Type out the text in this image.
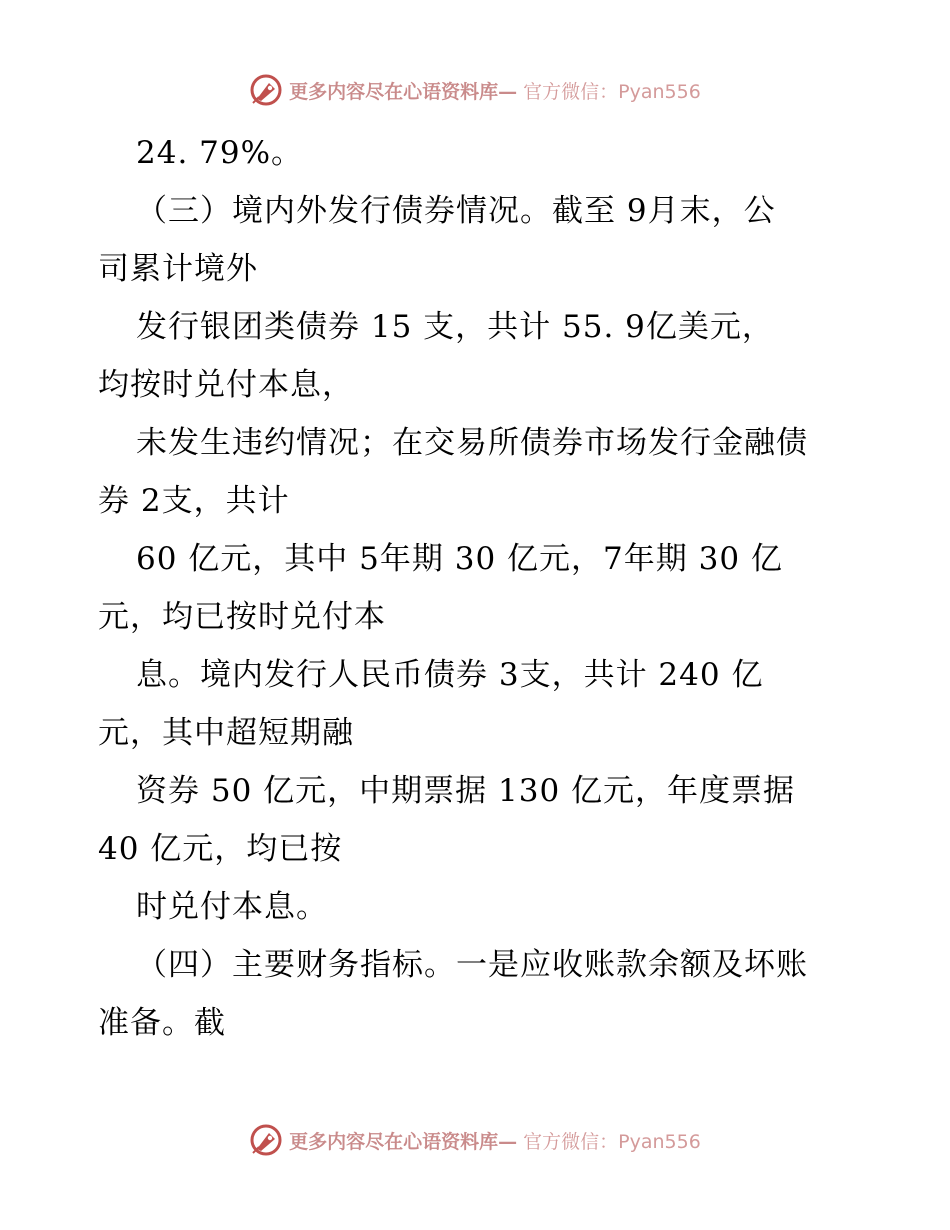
更多内容尽在心语资料库— 官方微信：Pyan556
24. 79%。
（三）境内外发行债券情况。截至 9月末，公
司累计境外
发行银团类债券 15 支，共计 55. 9亿美元，
均按时兑付本息，
未发生违约情况；在交易所债券市场发行金融债
券 2支，共计
60 亿元，其中 5年期 30 亿元，7年期 30 亿
元，均已按时兑付本
息。境内发行人民币债券 3支，共计 240 亿
元，其中超短期融
资券 50 亿元，中期票据 130 亿元，年度票据
40 亿元，均已按
时兑付本息。
（四）主要财务指标。一是应收账款余额及坏账
准备。截
更多内容尽在心语资料库— 官方微信：Pyan556
